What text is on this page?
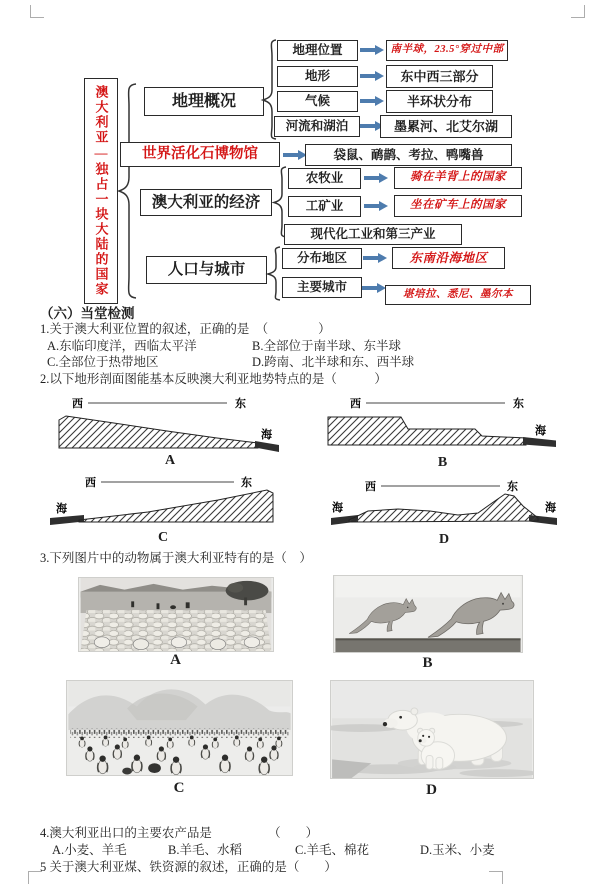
澳大利亚—独占一块大陆的国家	地理概况
地理位置	南半球，23.5°穿过中部
地形	东中西三部分
气候	半环状分布
河流和湖泊	墨累河、北艾尔湖
世界活化石博物馆	袋鼠、鸸鹋、考拉、鸭嘴兽
澳大利亚的经济
农牧业	骑在羊背上的国家
工矿业	坐在矿车上的国家
现代化工业和第三产业
人口与城市
分布地区	东南沿海地区
主要城市	堪培拉、悉尼、墨尔本
（六）当堂检测
1.关于澳大利亚位置的叙述，正确的是　（　　　　）
A.东临印度洋，西临太平洋	B.全部位于南半球、东半球
C.全部位于热带地区	D.跨南、北半球和东、西半球
2.以下地形剖面图能基本反映澳大利亚地势特点的是（　　　）
西	东
海
A
西	东
海
B
西	东
海
C
西	东
海	海
D
3.下列图片中的动物属于澳大利亚特有的是（　）
A	B
C	D
4.澳大利亚出口的主要农产品是　　　　　（　　）
A.小麦、羊毛	B.羊毛、水稻	C.羊毛、棉花	D.玉米、小麦
5 关于澳大利亚煤、铁资源的叙述，正确的是（　　）
